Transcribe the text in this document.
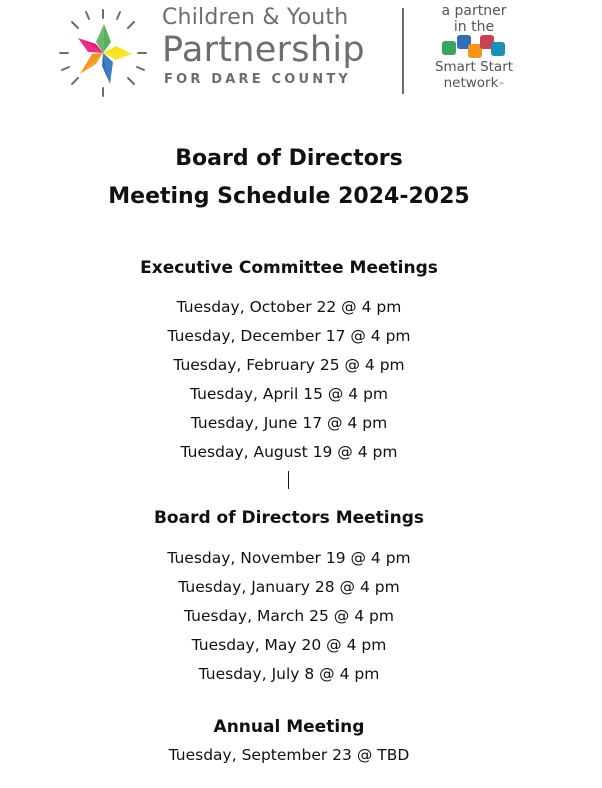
Children & Youth
Partnership
FOR DARE COUNTY
a partner
in the
Smart Start
network™
Board of Directors
Meeting Schedule 2024-2025
Executive Committee Meetings
Tuesday, October 22 @ 4 pm
Tuesday, December 17 @ 4 pm
Tuesday, February 25 @ 4 pm
Tuesday, April 15 @ 4 pm
Tuesday, June 17 @ 4 pm
Tuesday, August 19 @ 4 pm
Board of Directors Meetings
Tuesday, November 19 @ 4 pm
Tuesday, January 28 @ 4 pm
Tuesday, March 25 @ 4 pm
Tuesday, May 20 @ 4 pm
Tuesday, July 8 @ 4 pm
Annual Meeting
Tuesday, September 23 @ TBD
